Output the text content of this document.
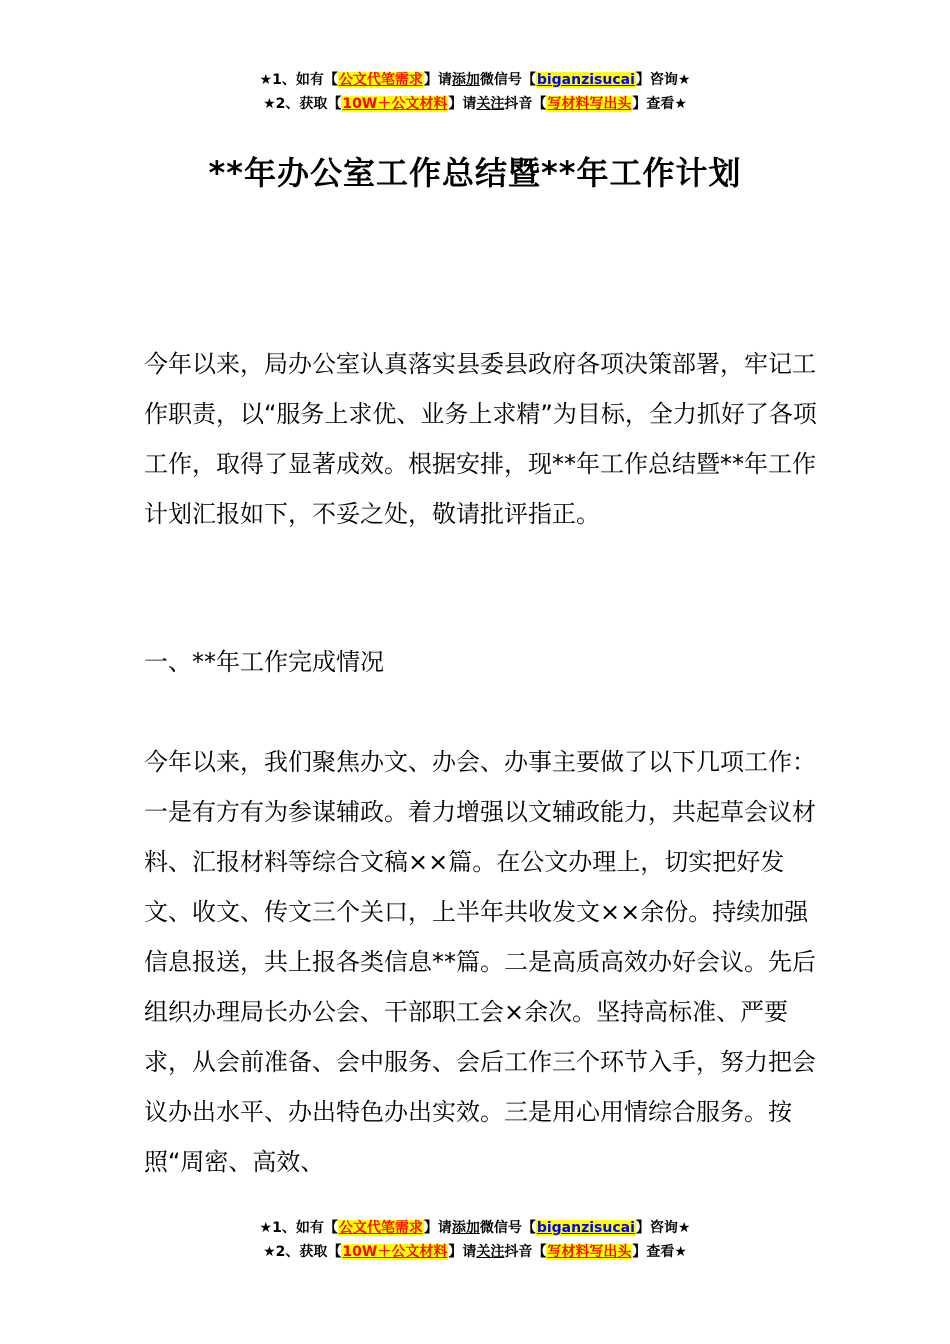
★1、如有【公文代笔需求】请添加微信号【biganzisucai】咨询★
★2、获取【10W＋公文材料】请关注抖音【写材料写出头】查看★
**年办公室工作总结暨**年工作计划

今年以来，局办公室认真落实县委县政府各项决策部署，牢记工作职责，以“服务上求优、业务上求精”为目标，全力抓好了各项工作，取得了显著成效。根据安排，现**年工作总结暨**年工作计划汇报如下，不妥之处，敬请批评指正。

一、**年工作完成情况

今年以来，我们聚焦办文、办会、办事主要做了以下几项工作：一是有方有为参谋辅政。着力增强以文辅政能力，共起草会议材料、汇报材料等综合文稿××篇。在公文办理上，切实把好发文、收文、传文三个关口，上半年共收发文××余份。持续加强信息报送，共上报各类信息**篇。二是高质高效办好会议。先后组织办理局长办公会、干部职工会×余次。坚持高标准、严要求，从会前准备、会中服务、会后工作三个环节入手，努力把会议办出水平、办出特色办出实效。三是用心用情综合服务。按照“周密、高效、

★1、如有【公文代笔需求】请添加微信号【biganzisucai】咨询★
★2、获取【10W＋公文材料】请关注抖音【写材料写出头】查看★
